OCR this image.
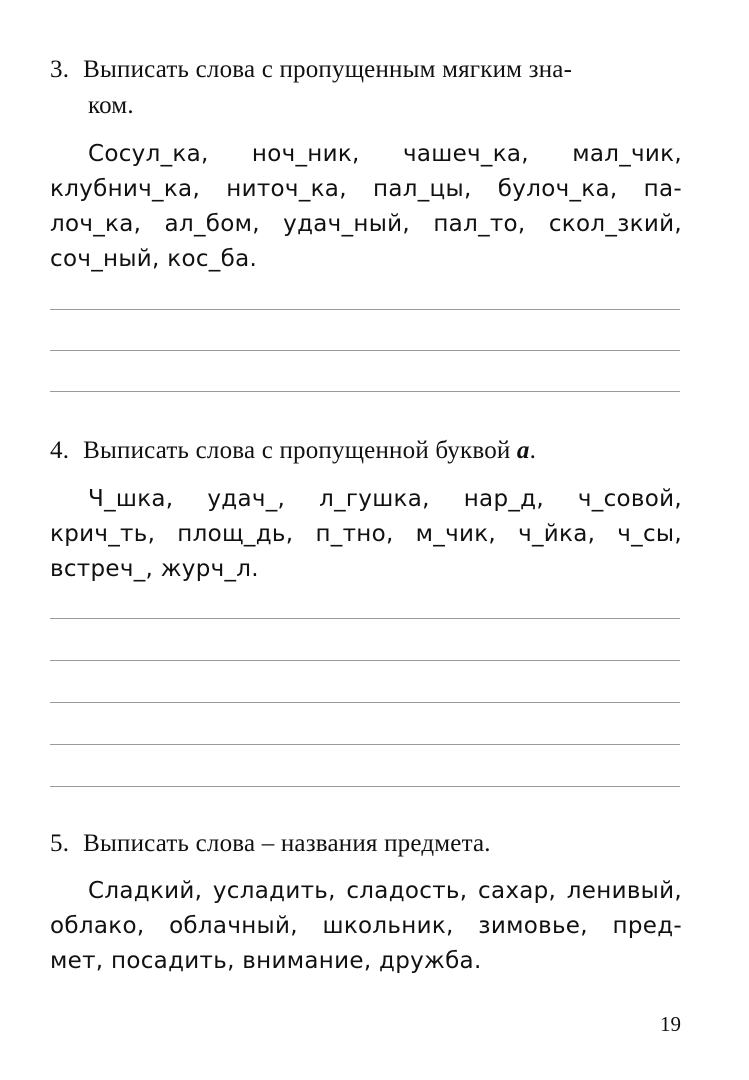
3. Выписать слова с пропущенным мягким зна-
ком.
Сосул_ка, ноч_ник, чашеч_ка, мал_чик,
клубнич_ка, ниточ_ка, пал_цы, булоч_ка, па-
лоч_ка, ал_бом, удач_ный, пал_то, скол_зкий,
соч_ный, кос_ба.
4. Выписать слова с пропущенной буквой а.
Ч_шка, удач_, л_гушка, нар_д, ч_совой,
крич_ть, площ_дь, п_тно, м_чик, ч_йка, ч_сы,
встреч_, журч_л.
5. Выписать слова – названия предмета.
Сладкий, усладить, сладость, сахар, ленивый,
облако, облачный, школьник, зимовье, пред-
мет, посадить, внимание, дружба.
19
